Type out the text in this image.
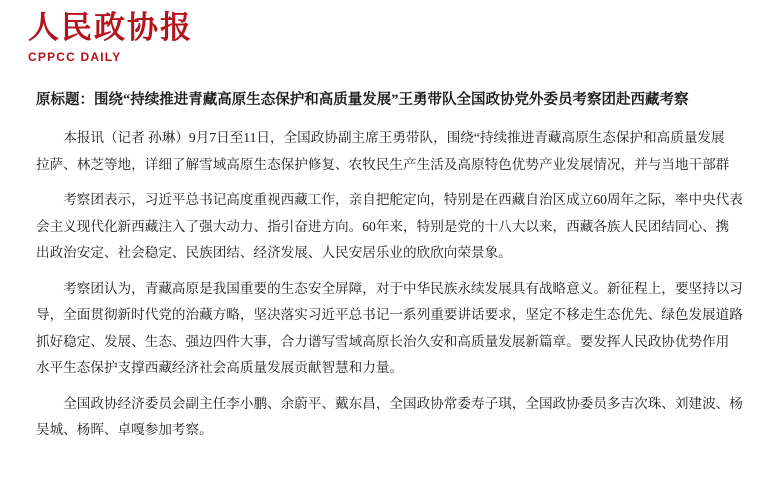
人民政协报
CPPCC DAILY
原标题：围绕“持续推进青藏高原生态保护和高质量发展”王勇带队全国政协党外委员考察团赴西藏考察
本报讯（记者 孙琳）9月7日至11日，全国政协副主席王勇带队，围绕“持续推进青藏高原生态保护和高质量发展
拉萨、林芝等地，详细了解雪域高原生态保护修复、农牧民生产生活及高原特色优势产业发展情况，并与当地干部群
考察团表示，习近平总书记高度重视西藏工作，亲自把舵定向，特别是在西藏自治区成立60周年之际，率中央代表
会主义现代化新西藏注入了强大动力、指引奋进方向。60年来，特别是党的十八大以来，西藏各族人民团结同心、携
出政治安定、社会稳定、民族团结、经济发展、人民安居乐业的欣欣向荣景象。
考察团认为，青藏高原是我国重要的生态安全屏障，对于中华民族永续发展具有战略意义。新征程上，要坚持以习
导，全面贯彻新时代党的治藏方略，坚决落实习近平总书记一系列重要讲话要求，坚定不移走生态优先、绿色发展道路
抓好稳定、发展、生态、强边四件大事，合力谱写雪域高原长治久安和高质量发展新篇章。要发挥人民政协优势作用
水平生态保护支撑西藏经济社会高质量发展贡献智慧和力量。
全国政协经济委员会副主任李小鹏、余蔚平、戴东昌，全国政协常委寿子琪，全国政协委员多吉次珠、刘建波、杨
吴城、杨晖、卓嘎参加考察。
